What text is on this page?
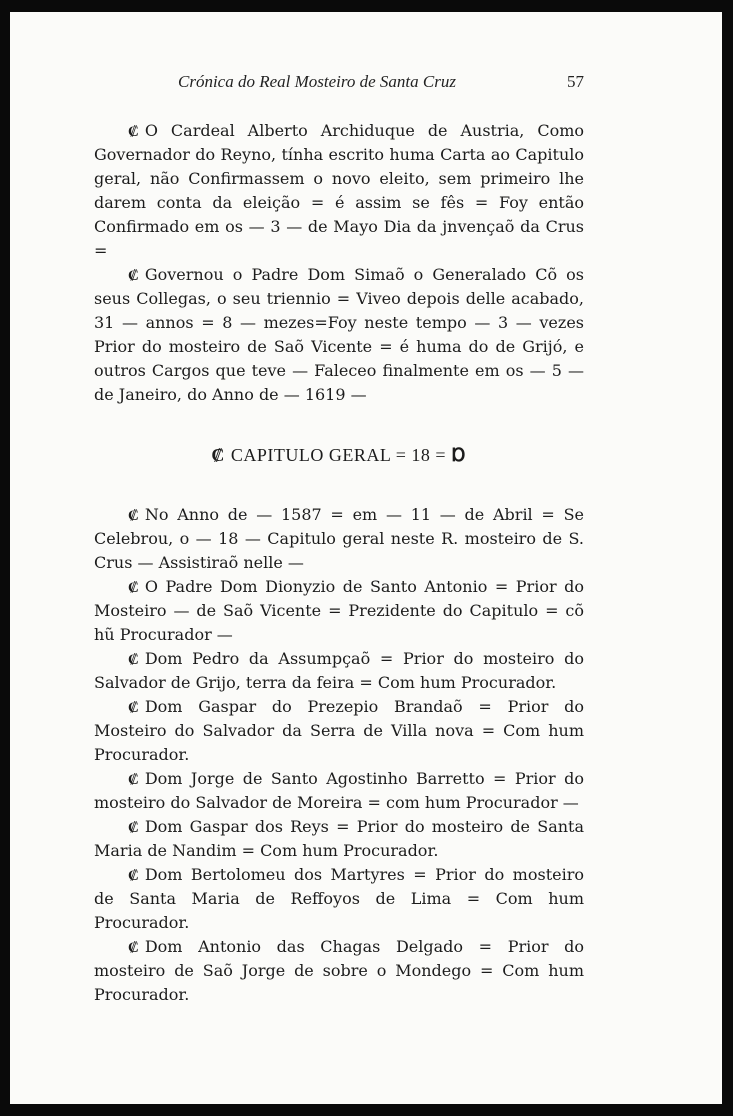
Crónica do Real Mosteiro de Santa Cruz	57

₡ O Cardeal Alberto Archiduque de Austria, Como Governador do Reyno, tínha escrito huma Carta ao Capitulo geral, não Confirmassem o novo eleito, sem primeiro lhe darem conta da eleição = é assim se fês = Foy então Confirmado em os — 3 — de Mayo Dia da jnvençaõ da Crus =

₡ Governou o Padre Dom Simaõ o Generalado Cõ os seus Collegas, o seu triennio = Viveo depois delle acabado, 31 — annos = 8 — mezes=Foy neste tempo — 3 — vezes Prior do mosteiro de Saõ Vicente = é huma do de Grijó, e outros Cargos que teve — Faleceo finalmente em os — 5 — de Janeiro, do Anno de — 1619 —

₡ CAPITULO GERAL = 18 = Ɒ

₡ No Anno de — 1587 = em — 11 — de Abril = Se Celebrou, o — 18 — Capitulo geral neste R. mosteiro de S. Crus — Assistiraõ nelle —

₡ O Padre Dom Dionyzio de Santo Antonio = Prior do Mosteiro — de Saõ Vicente = Prezidente do Capitulo = cõ hũ Procurador —

₡ Dom Pedro da Assumpçaõ = Prior do mosteiro do Salvador de Grijo, terra da feira = Com hum Procurador.

₡ Dom Gaspar do Prezepio Brandaõ = Prior do Mosteiro do Salvador da Serra de Villa nova = Com hum Procurador.

₡ Dom Jorge de Santo Agostinho Barretto = Prior do mosteiro do Salvador de Moreira = com hum Procurador —

₡ Dom Gaspar dos Reys = Prior do mosteiro de Santa Maria de Nandim = Com hum Procurador.

₡ Dom Bertolomeu dos Martyres = Prior do mosteiro de Santa Maria de Reffoyos de Lima = Com hum Procurador.

₡ Dom Antonio das Chagas Delgado = Prior do mosteiro de Saõ Jorge de sobre o Mondego = Com hum Procurador.
